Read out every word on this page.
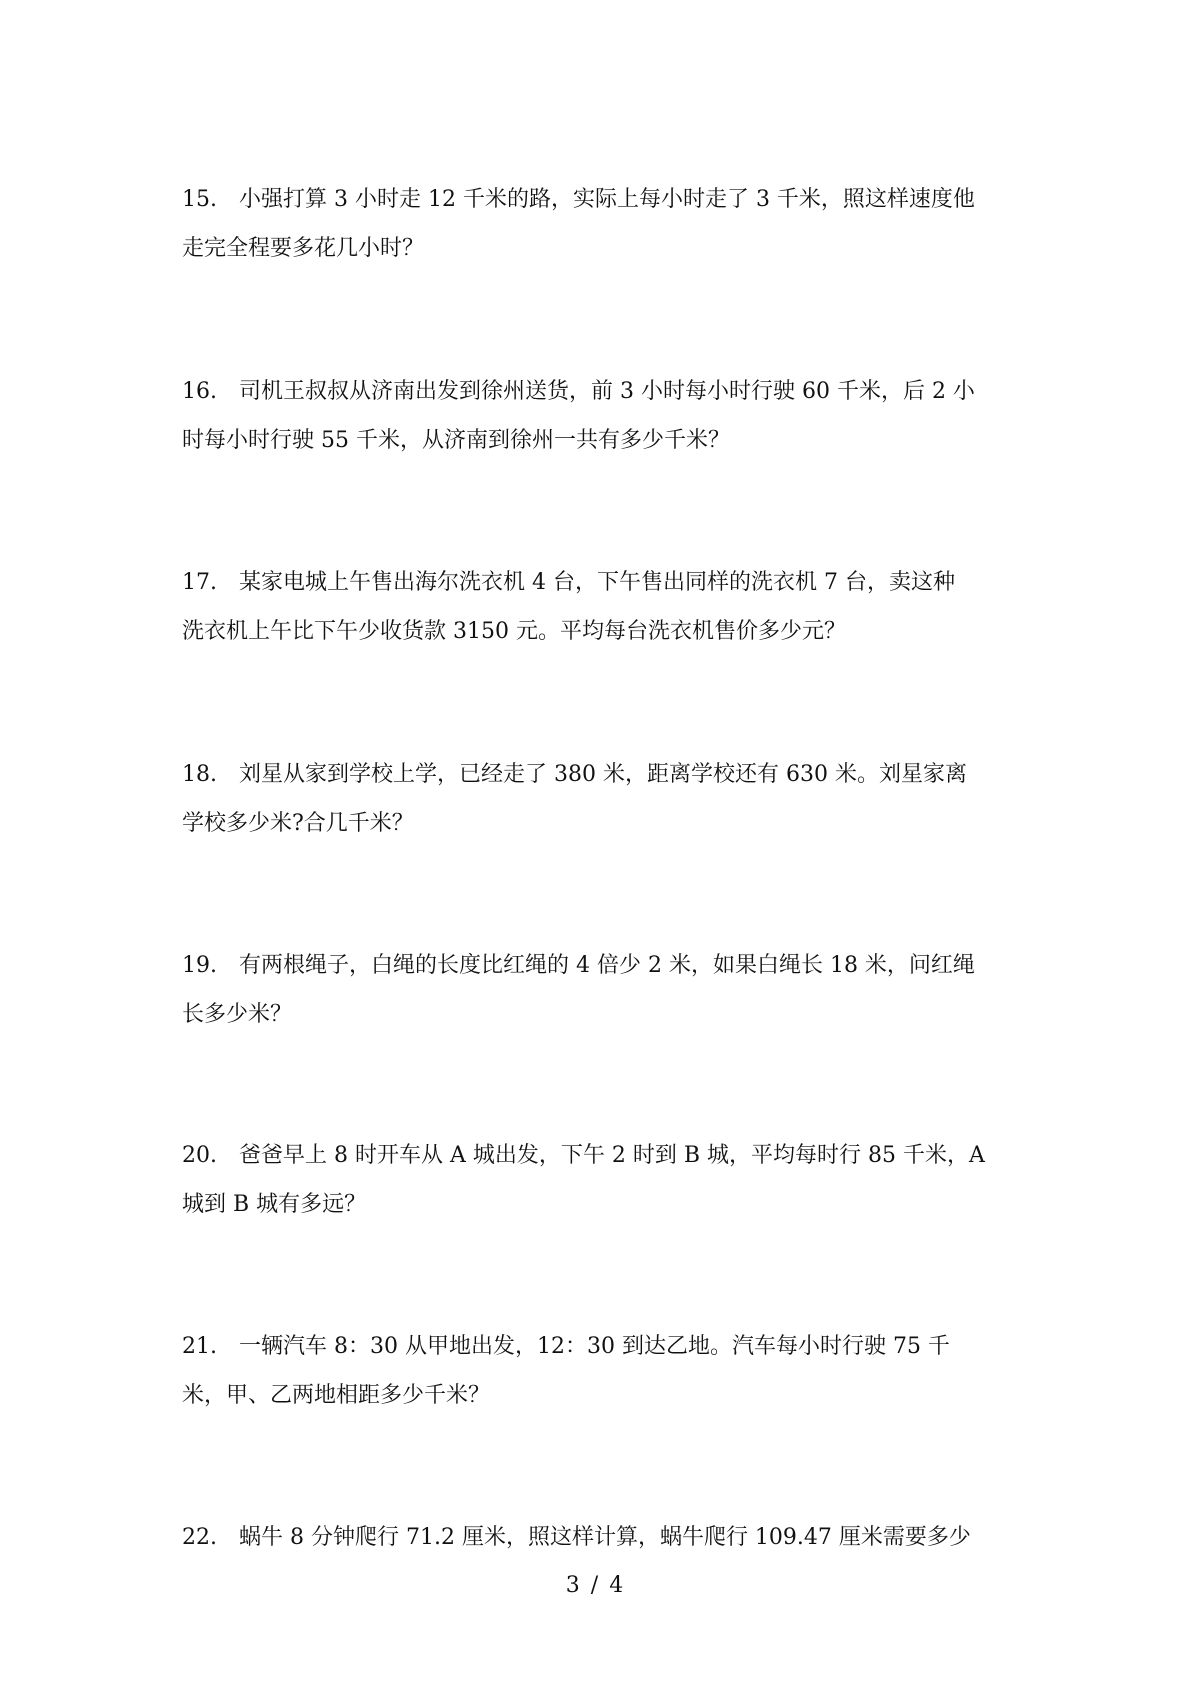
15.　小强打算 3 小时走 12 千米的路，实际上每小时走了 3 千米，照这样速度他
走完全程要多花几小时？
16.　司机王叔叔从济南出发到徐州送货，前 3 小时每小时行驶 60 千米，后 2 小
时每小时行驶 55 千米，从济南到徐州一共有多少千米？
17.　某家电城上午售出海尔洗衣机 4 台，下午售出同样的洗衣机 7 台，卖这种
洗衣机上午比下午少收货款 3150 元。平均每台洗衣机售价多少元？
18.　刘星从家到学校上学，已经走了 380 米，距离学校还有 630 米。刘星家离
学校多少米?合几千米？
19.　有两根绳子，白绳的长度比红绳的 4 倍少 2 米，如果白绳长 18 米，问红绳
长多少米？
20.　爸爸早上 8 时开车从 A 城出发，下午 2 时到 B 城，平均每时行 85 千米，A
城到 B 城有多远？
21.　一辆汽车 8：30 从甲地出发，12：30 到达乙地。汽车每小时行驶 75 千
米，甲、乙两地相距多少千米？
22.　蜗牛 8 分钟爬行 71.2 厘米，照这样计算，蜗牛爬行 109.47 厘米需要多少
3 / 4
